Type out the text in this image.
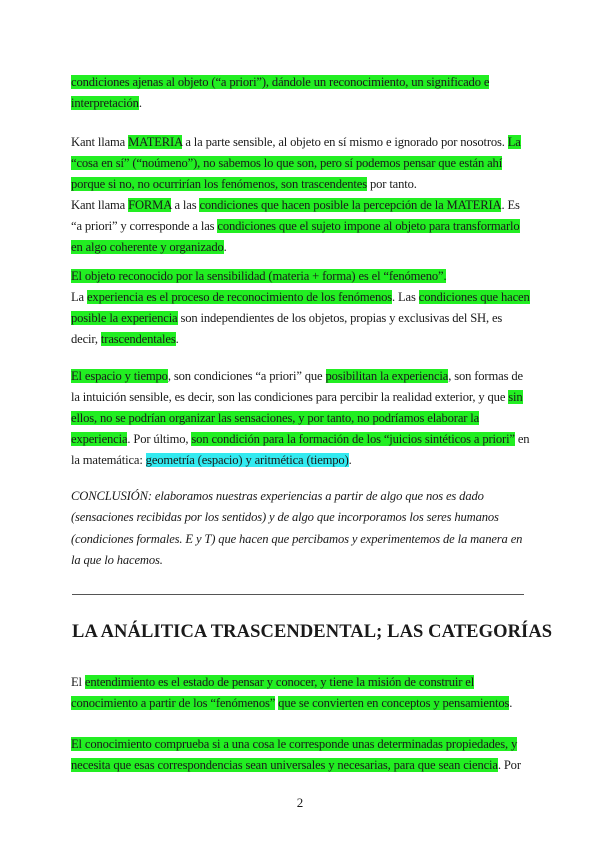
condiciones ajenas al objeto (“a priori”), dándole un reconocimiento, un significado e interpretación.

Kant llama MATERIA a la parte sensible, al objeto en sí mismo e ignorado por nosotros. La “cosa en sí” (“noúmeno”), no sabemos lo que son, pero sí podemos pensar que están ahí porque si no, no ocurrirían los fenómenos, son trascendentes por tanto.
Kant llama FORMA a las condiciones que hacen posible la percepción de la MATERIA. Es “a priori” y corresponde a las condiciones que el sujeto impone al objeto para transformarlo en algo coherente y organizado.

El objeto reconocido por la sensibilidad (materia + forma) es el “fenómeno”.
La experiencia es el proceso de reconocimiento de los fenómenos. Las condiciones que hacen posible la experiencia son independientes de los objetos, propias y exclusivas del SH, es decir, trascendentales.

El espacio y tiempo, son condiciones “a priori” que posibilitan la experiencia, son formas de la intuición sensible, es decir, son las condiciones para percibir la realidad exterior, y que sin ellos, no se podrían organizar las sensaciones, y por tanto, no podríamos elaborar la experiencia. Por último, son condición para la formación de los “juicios sintéticos a priori” en la matemática: geometría (espacio) y aritmética (tiempo).

CONCLUSIÓN: elaboramos nuestras experiencias a partir de algo que nos es dado (sensaciones recibidas por los sentidos) y de algo que incorporamos los seres humanos (condiciones formales. E y T) que hacen que percibamos y experimentemos de la manera en la que lo hacemos.

LA ANÁLITICA TRASCENDENTAL; LAS CATEGORÍAS

El entendimiento es el estado de pensar y conocer, y tiene la misión de construir el conocimiento a partir de los “fenómenos” que se convierten en conceptos y pensamientos.

El conocimiento comprueba si a una cosa le corresponde unas determinadas propiedades, y necesita que esas correspondencias sean universales y necesarias, para que sean ciencia. Por

2
